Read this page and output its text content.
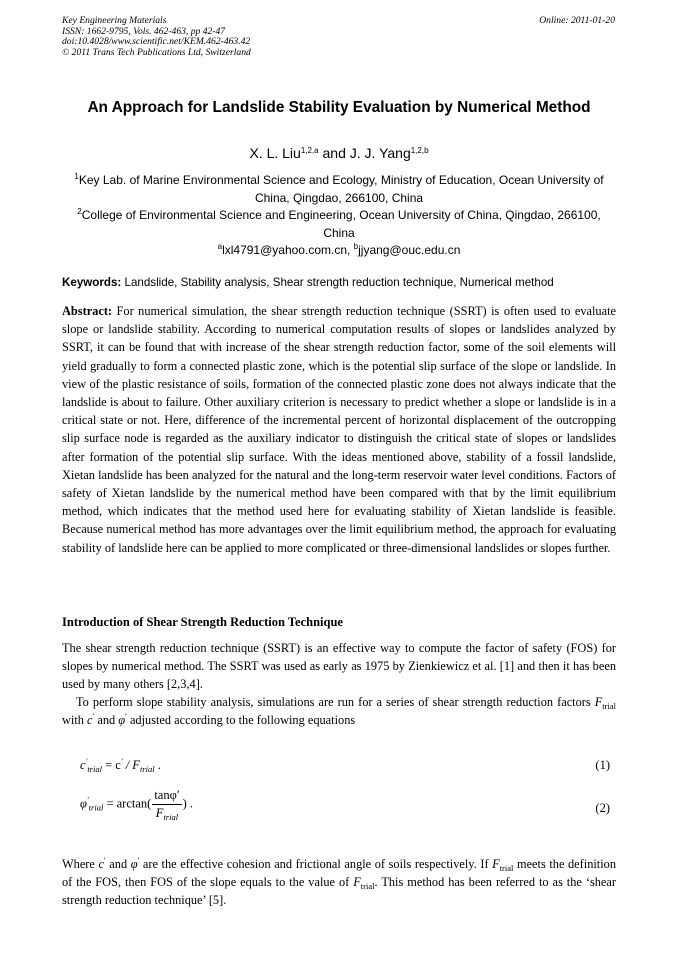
Key Engineering Materials
ISSN: 1662-9795, Vols. 462-463, pp 42-47
doi:10.4028/www.scientific.net/KEM.462-463.42
© 2011 Trans Tech Publications Ltd, Switzerland
Online: 2011-01-20
An Approach for Landslide Stability Evaluation by Numerical Method
X. L. Liu$^{1,2,a}$ and J. J. Yang$^{1,2,b}$
$^1$Key Lab. of Marine Environmental Science and Ecology, Ministry of Education, Ocean University of China, Qingdao, 266100, China
$^2$College of Environmental Science and Engineering, Ocean University of China, Qingdao, 266100, China
$^a$lxl4791@yahoo.com.cn, $^b$jjyang@ouc.edu.cn
Keywords: Landslide, Stability analysis, Shear strength reduction technique, Numerical method
Abstract: For numerical simulation, the shear strength reduction technique (SSRT) is often used to evaluate slope or landslide stability. According to numerical computation results of slopes or landslides analyzed by SSRT, it can be found that with increase of the shear strength reduction factor, some of the soil elements will yield gradually to form a connected plastic zone, which is the potential slip surface of the slope or landslide. In view of the plastic resistance of soils, formation of the connected plastic zone does not always indicate that the landslide is about to failure. Other auxiliary criterion is necessary to predict whether a slope or landslide is in a critical state or not. Here, difference of the incremental percent of horizontal displacement of the outcropping slip surface node is regarded as the auxiliary indicator to distinguish the critical state of slopes or landslides after formation of the potential slip surface. With the ideas mentioned above, stability of a fossil landslide, Xietan landslide has been analyzed for the natural and the long-term reservoir water level conditions. Factors of safety of Xietan landslide by the numerical method have been compared with that by the limit equilibrium method, which indicates that the method used here for evaluating stability of Xietan landslide is feasible. Because numerical method has more advantages over the limit equilibrium method, the approach for evaluating stability of landslide here can be applied to more complicated or three-dimensional landslides or slopes further.
Introduction of Shear Strength Reduction Technique
The shear strength reduction technique (SSRT) is an effective way to compute the factor of safety (FOS) for slopes by numerical method. The SSRT was used as early as 1975 by Zienkiewicz et al. [1] and then it has been used by many others [2,3,4].
To perform slope stability analysis, simulations are run for a series of shear strength reduction factors $F_{trial}$ with c′ and φ′ adjusted according to the following equations
$c'_{trial} = c' / F_{trial}$ .	(1)
$\varphi'_{trial} = \arctan( \frac{\tan\varphi'}{F_{trial}}$ ) .	(2)
Where c′ and φ′ are the effective cohesion and frictional angle of soils respectively. If $F_{trial}$ meets the definition of the FOS, then FOS of the slope equals to the value of $F_{trial}$. This method has been referred to as the ‘shear strength reduction technique’ [5].
